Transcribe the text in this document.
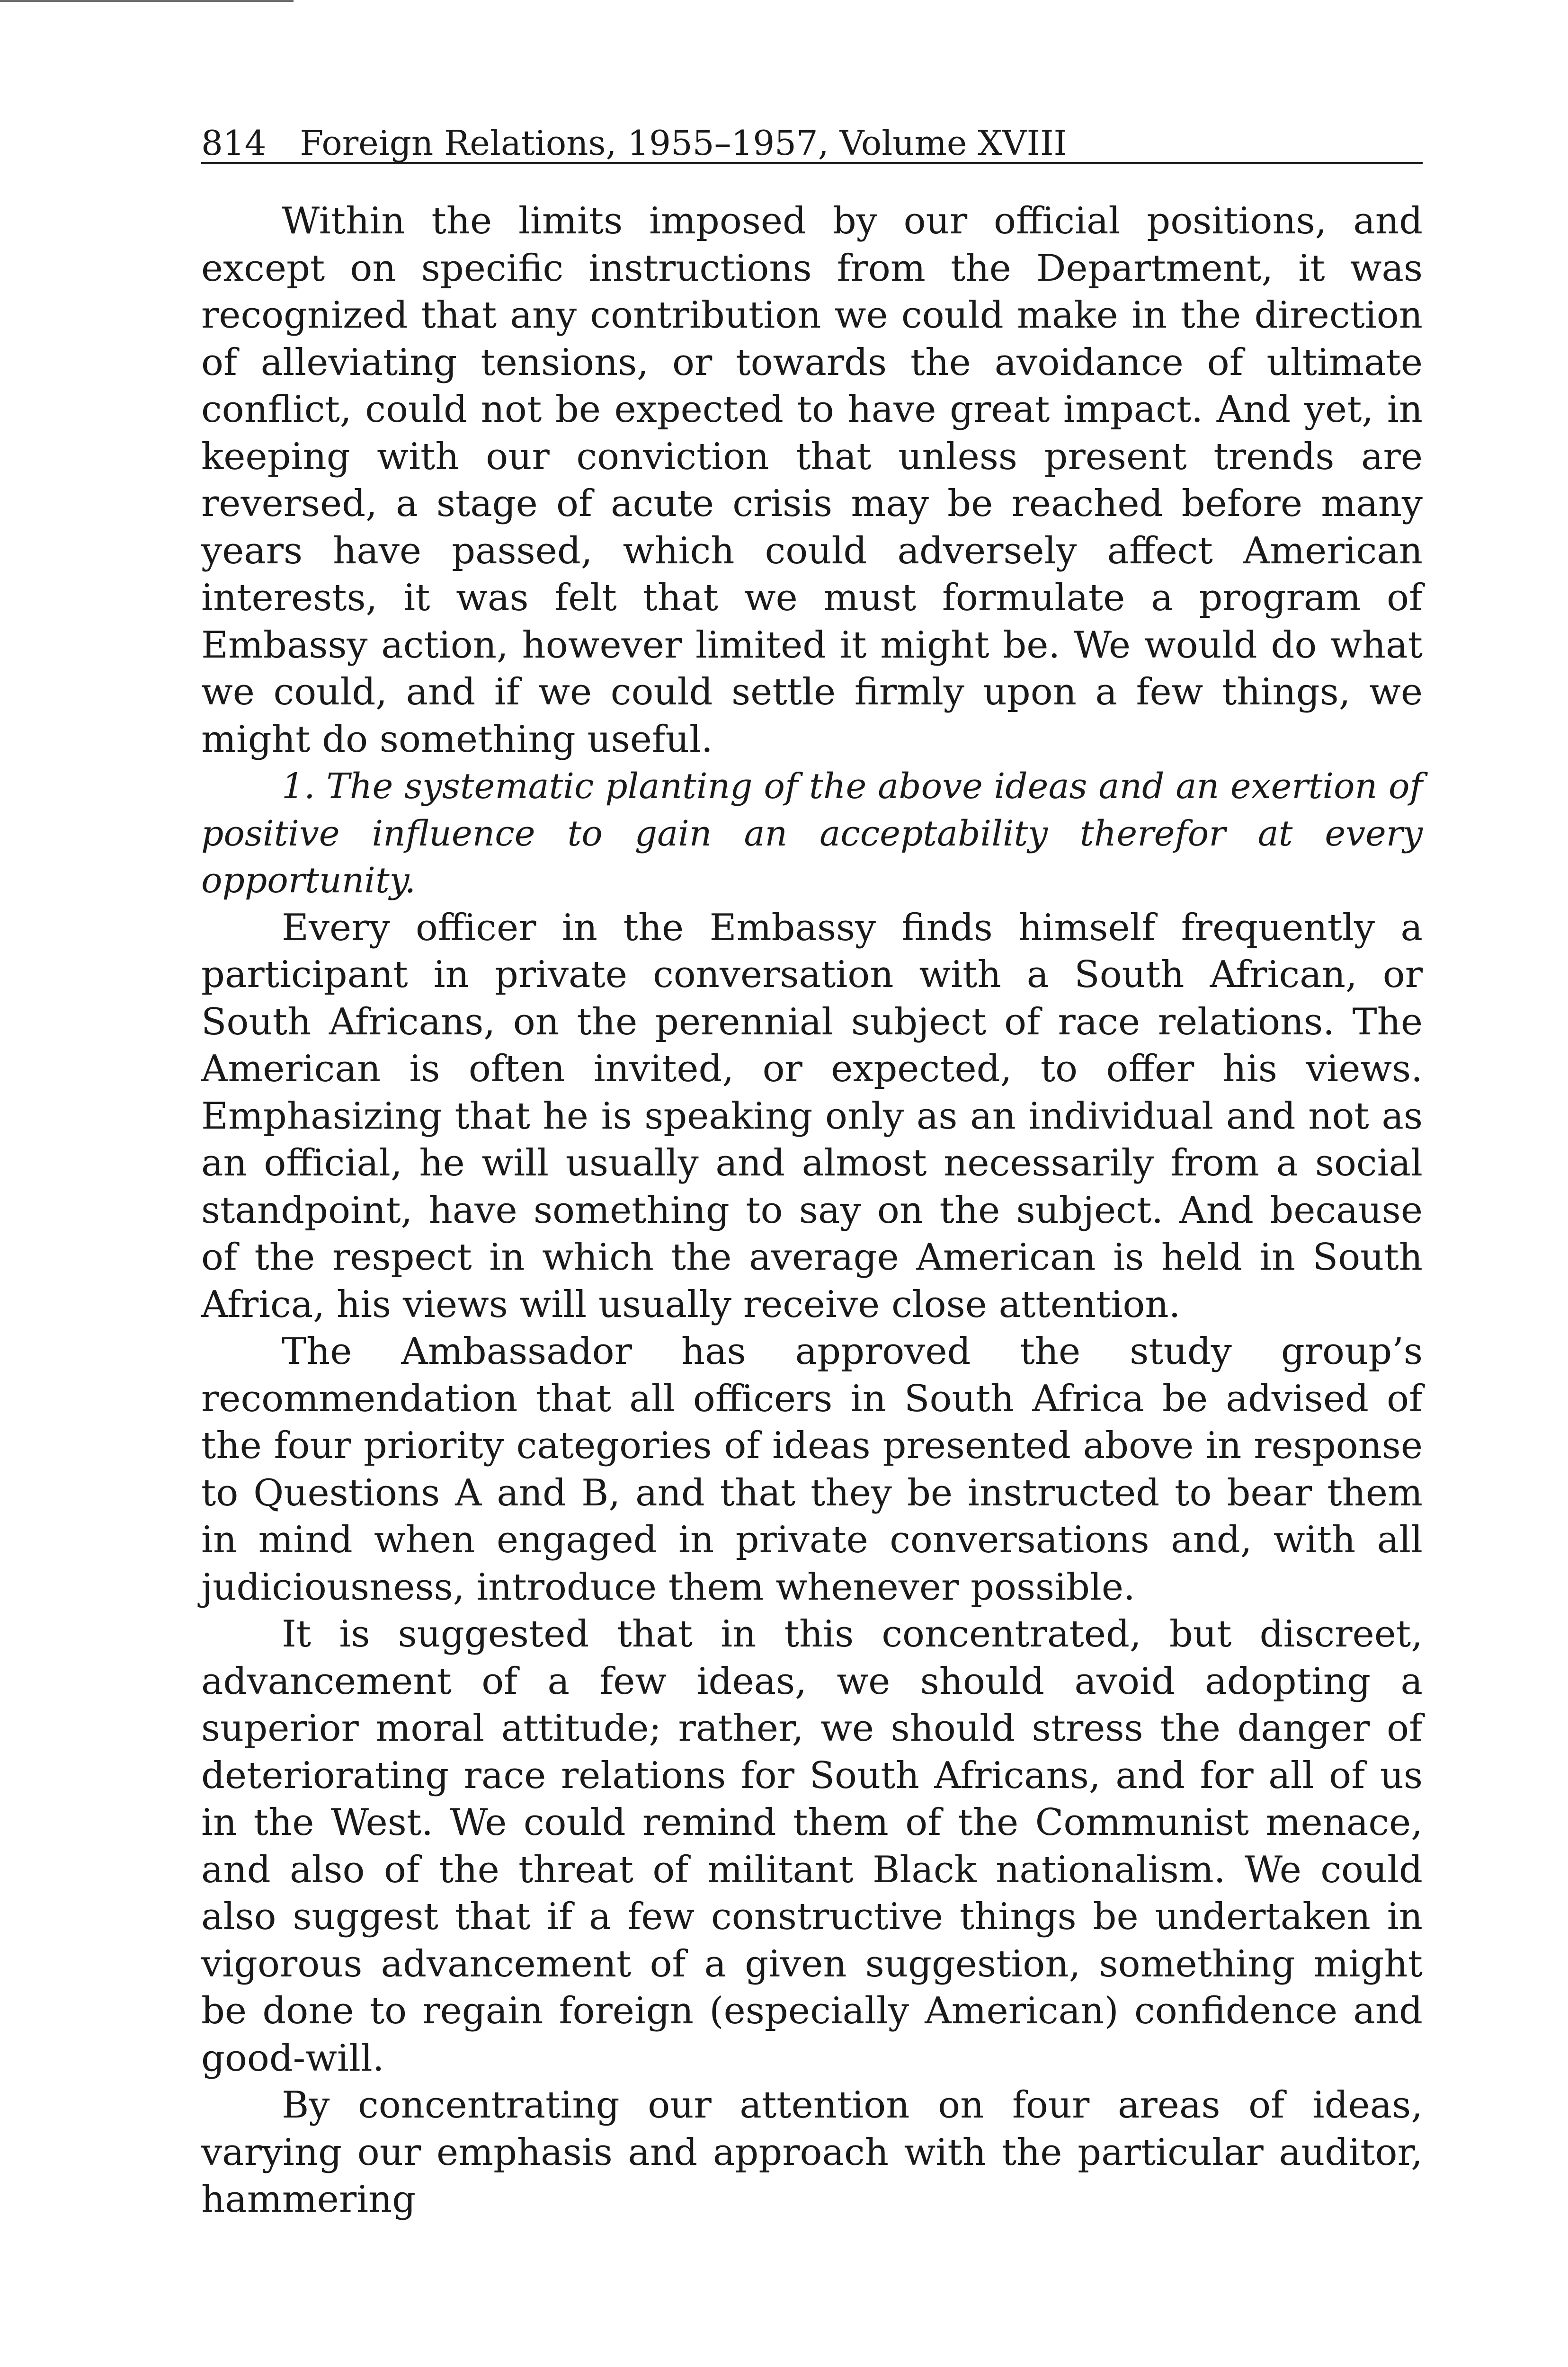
814 Foreign Relations, 1955–1957, Volume XVIII

Within the limits imposed by our official positions, and except on specific instructions from the Department, it was recognized that any contribution we could make in the direction of alleviating tensions, or towards the avoidance of ultimate conflict, could not be expected to have great impact. And yet, in keeping with our conviction that unless present trends are reversed, a stage of acute crisis may be reached before many years have passed, which could adversely affect American interests, it was felt that we must formulate a program of Embassy action, however limited it might be. We would do what we could, and if we could settle firmly upon a few things, we might do something useful.

1. The systematic planting of the above ideas and an exertion of positive influence to gain an acceptability therefor at every opportunity.

Every officer in the Embassy finds himself frequently a participant in private conversation with a South African, or South Africans, on the perennial subject of race relations. The American is often invited, or expected, to offer his views. Emphasizing that he is speaking only as an individual and not as an official, he will usually and almost necessarily from a social standpoint, have something to say on the subject. And because of the respect in which the average American is held in South Africa, his views will usually receive close attention.

The Ambassador has approved the study group’s recommendation that all officers in South Africa be advised of the four priority categories of ideas presented above in response to Questions A and B, and that they be instructed to bear them in mind when engaged in private conversations and, with all judiciousness, introduce them whenever possible.

It is suggested that in this concentrated, but discreet, advancement of a few ideas, we should avoid adopting a superior moral attitude; rather, we should stress the danger of deteriorating race relations for South Africans, and for all of us in the West. We could remind them of the Communist menace, and also of the threat of militant Black nationalism. We could also suggest that if a few constructive things be undertaken in vigorous advancement of a given suggestion, something might be done to regain foreign (especially American) confidence and good-will.

By concentrating our attention on four areas of ideas, varying our emphasis and approach with the particular auditor, hammering
